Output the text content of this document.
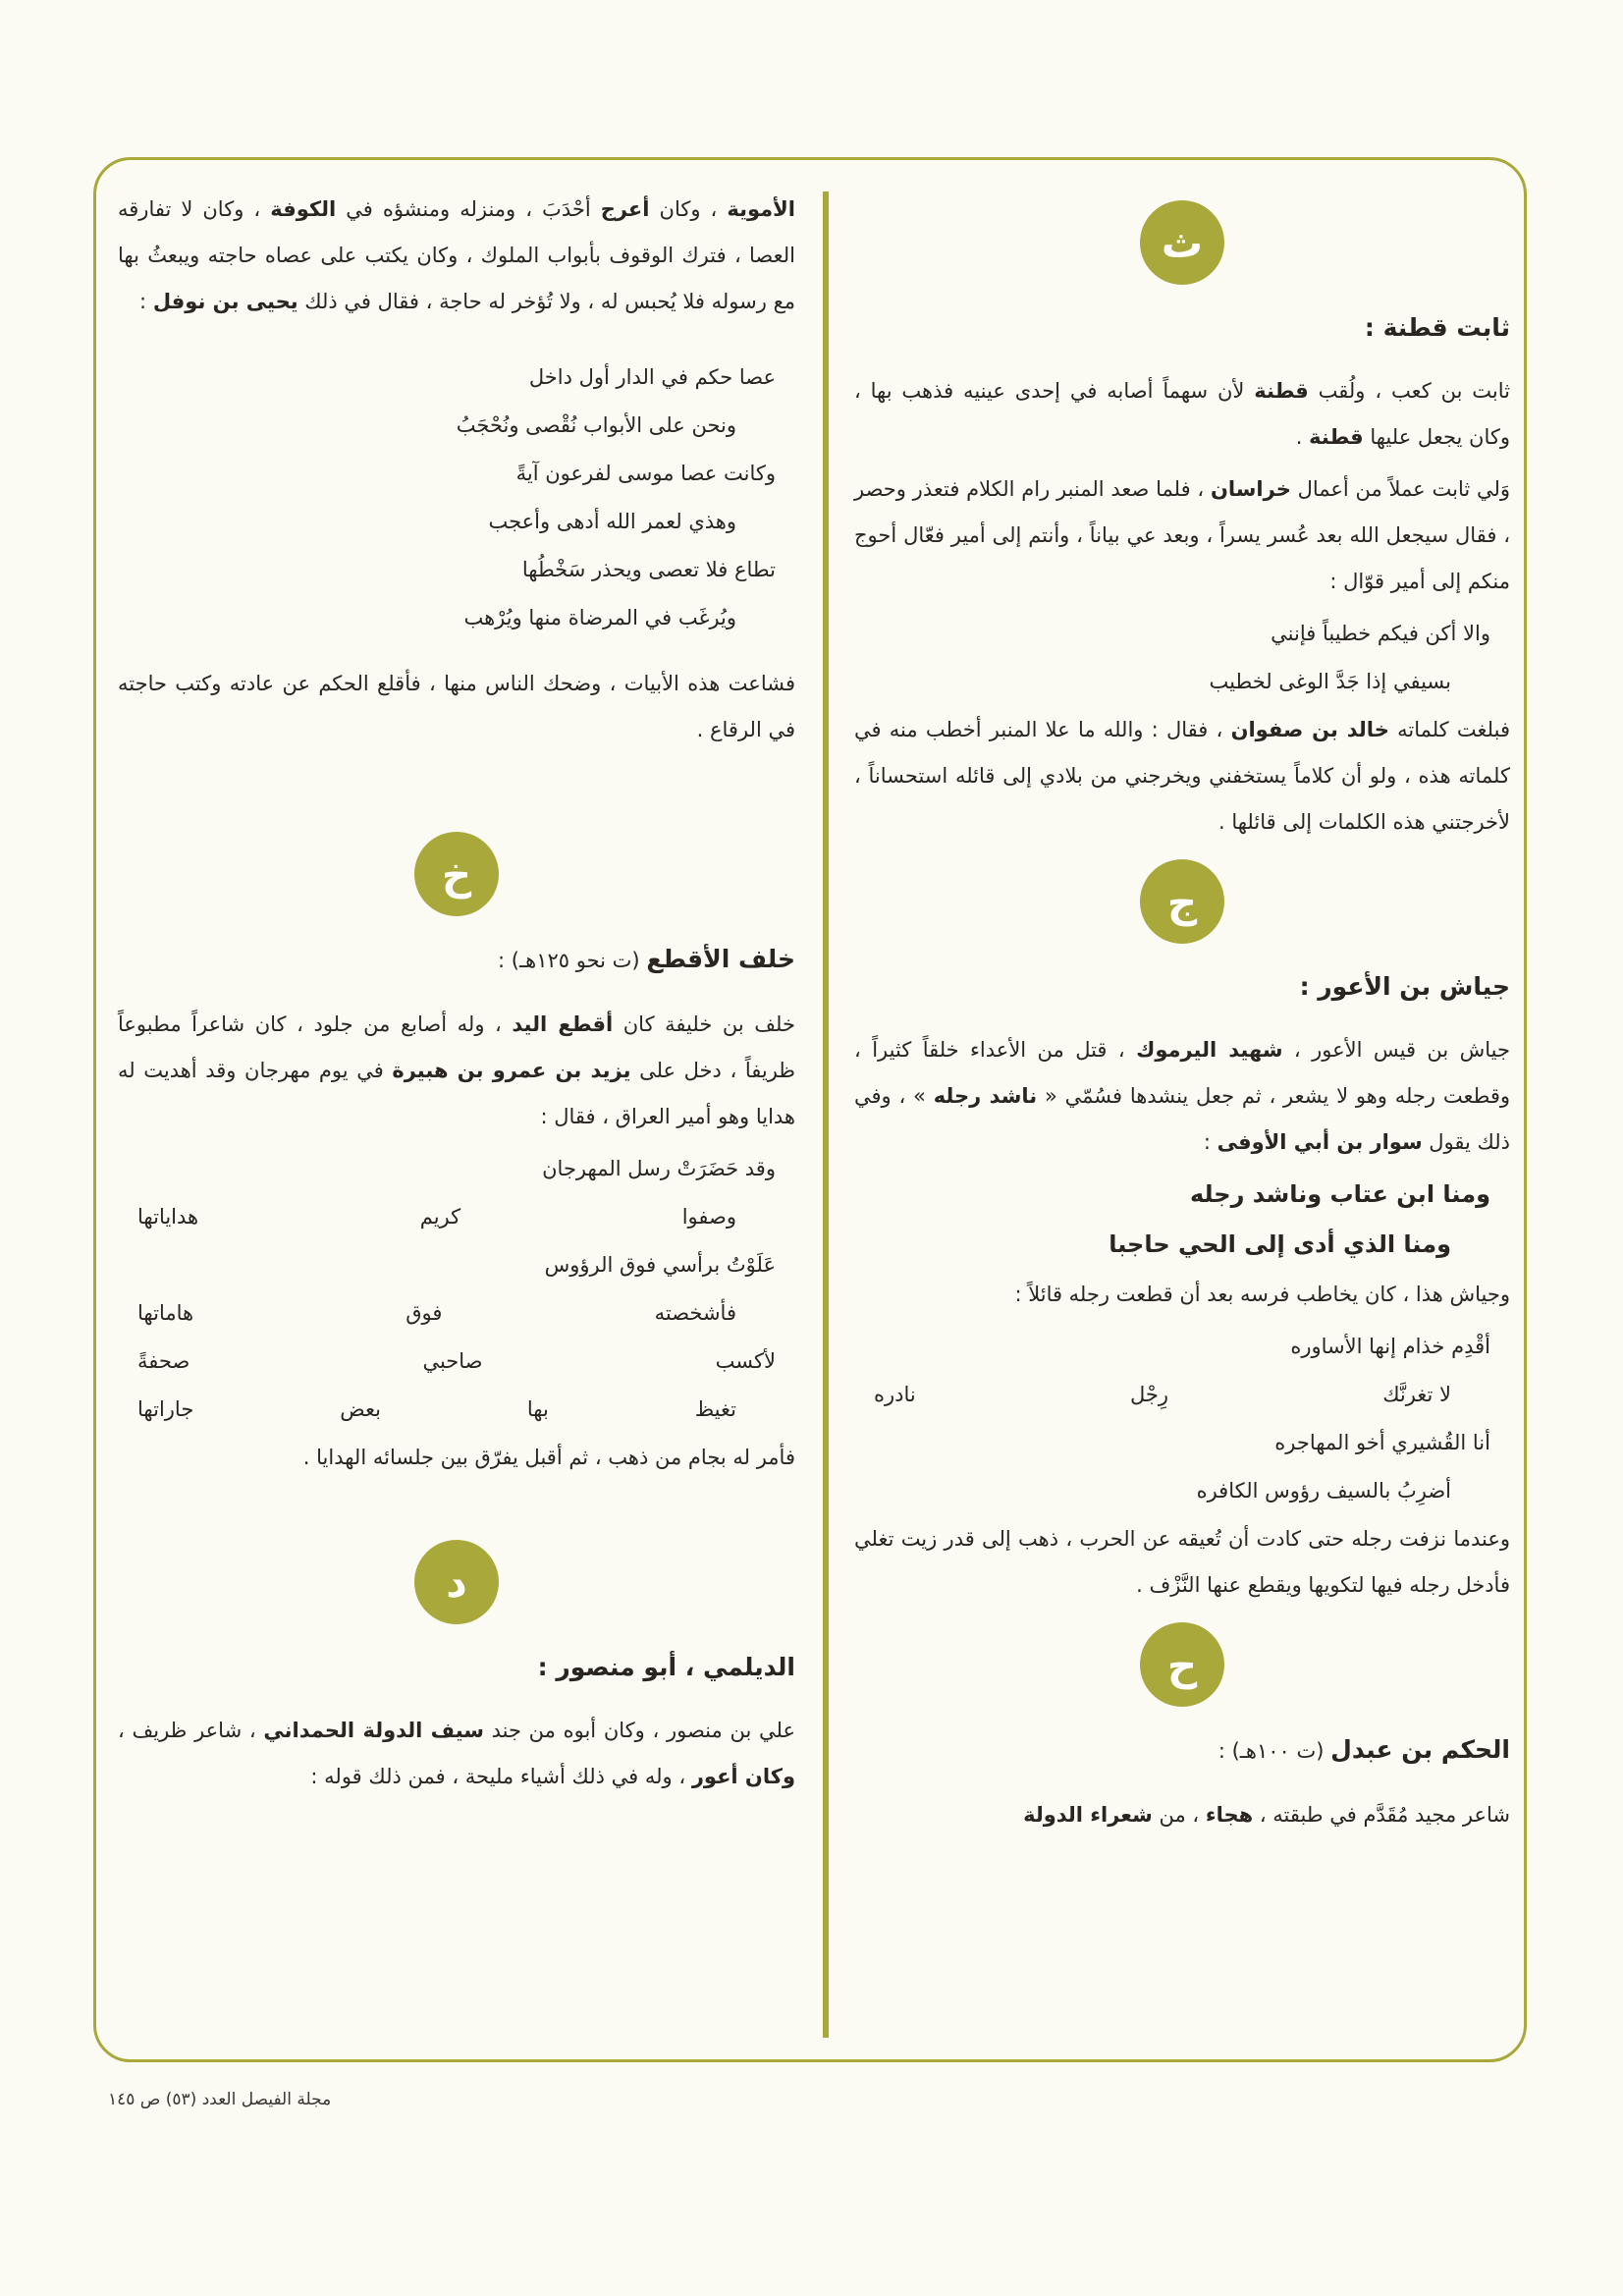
ث
ثابت قطنة :

ثابت بن كعب ، ولُقب قطنة لأن سهماً أصابه في إحدى عينيه فذهب بها ، وكان يجعل عليها قطنة .

وَلي ثابت عملاً من أعمال خراسان ، فلما صعد المنبر رام الكلام فتعذر وحصر ، فقال سيجعل الله بعد عُسر يسراً ، وبعد عي بياناً ، وأنتم إلى أمير فعّال أحوج منكم إلى أمير قوّال :

والا أكن فيكم خطيباً فإنني
بسيفي إذا جَدَّ الوغى لخطيب

فبلغت كلماته خالد بن صفوان ، فقال : والله ما علا المنبر أخطب منه في كلماته هذه ، ولو أن كلاماً يستخفني ويخرجني من بلادي إلى قائله استحساناً ، لأخرجتني هذه الكلمات إلى قائلها .

ج
جياش بن الأعور :

جياش بن قيس الأعور ، شهيد اليرموك ، قتل من الأعداء خلقاً كثيراً ، وقطعت رجله وهو لا يشعر ، ثم جعل ينشدها فسُمّي « ناشد رجله » ، وفي ذلك يقول سوار بن أبي الأوفى :

ومنا ابن عتاب وناشد رجله
ومنا الذي أدى إلى الحي حاجبا

وجياش هذا ، كان يخاطب فرسه بعد أن قطعت رجله قائلاً :

أقْدِم خذام إنها الأساوره
لا تغرنَّك
رِجْل
نادره
أنا القُشيري أخو المهاجره
أضرِبُ بالسيف رؤوس الكافره

وعندما نزفت رجله حتى كادت أن تُعيقه عن الحرب ، ذهب إلى قدر زيت تغلي فأدخل رجله فيها لتكويها ويقطع عنها النَّزْف .

ح
الحكم بن عبدل (ت ١٠٠هـ) :

شاعر مجيد مُقَدَّم في طبقته ، هجاء ، من شعراء الدولة

الأموية ، وكان أعرج أحْدَبَ ، ومنزله ومنشؤه في الكوفة ، وكان لا تفارقه العصا ، فترك الوقوف بأبواب الملوك ، وكان يكتب على عصاه حاجته ويبعثُ بها مع رسوله فلا يُحبس له ، ولا تُؤخر له حاجة ، فقال في ذلك يحيى بن نوفل :

عصا حكم في الدار أول داخل
ونحن على الأبواب نُقْصى ونُحْجَبُ
وكانت عصا موسى لفرعون آيةً
وهذي لعمر الله أدهى وأعجب
تطاع فلا تعصى ويحذر سَخْطُها
ويُرغَب في المرضاة منها ويُرْهب

فشاعت هذه الأبيات ، وضحك الناس منها ، فأقلع الحكم عن عادته وكتب حاجته في الرقاع .

خ
خلف الأقطع (ت نحو ١٢٥هـ) :

خلف بن خليفة كان أقطع اليد ، وله أصابع من جلود ، كان شاعراً مطبوعاً ظريفاً ، دخل على يزيد بن عمرو بن هبيرة في يوم مهرجان وقد أهديت له هدايا وهو أمير العراق ، فقال :

وقد حَضَرَتْ رسل المهرجان
وصفوا
كريم
هداياتها
عَلَوْتُ برأسي فوق الرؤوس
فأشخصته
فوق
هاماتها
لأكسب
صاحبي
صحفةً
تغيظ
بها
بعض
جاراتها

فأمر له بجام من ذهب ، ثم أقبل يفرّق بين جلسائه الهدايا .

د
الديلمي ، أبو منصور :

علي بن منصور ، وكان أبوه من جند سيف الدولة الحمداني ، شاعر ظريف ، وكان أعور ، وله في ذلك أشياء مليحة ، فمن ذلك قوله :

مجلة الفيصل العدد (٥٣) ص ١٤٥
